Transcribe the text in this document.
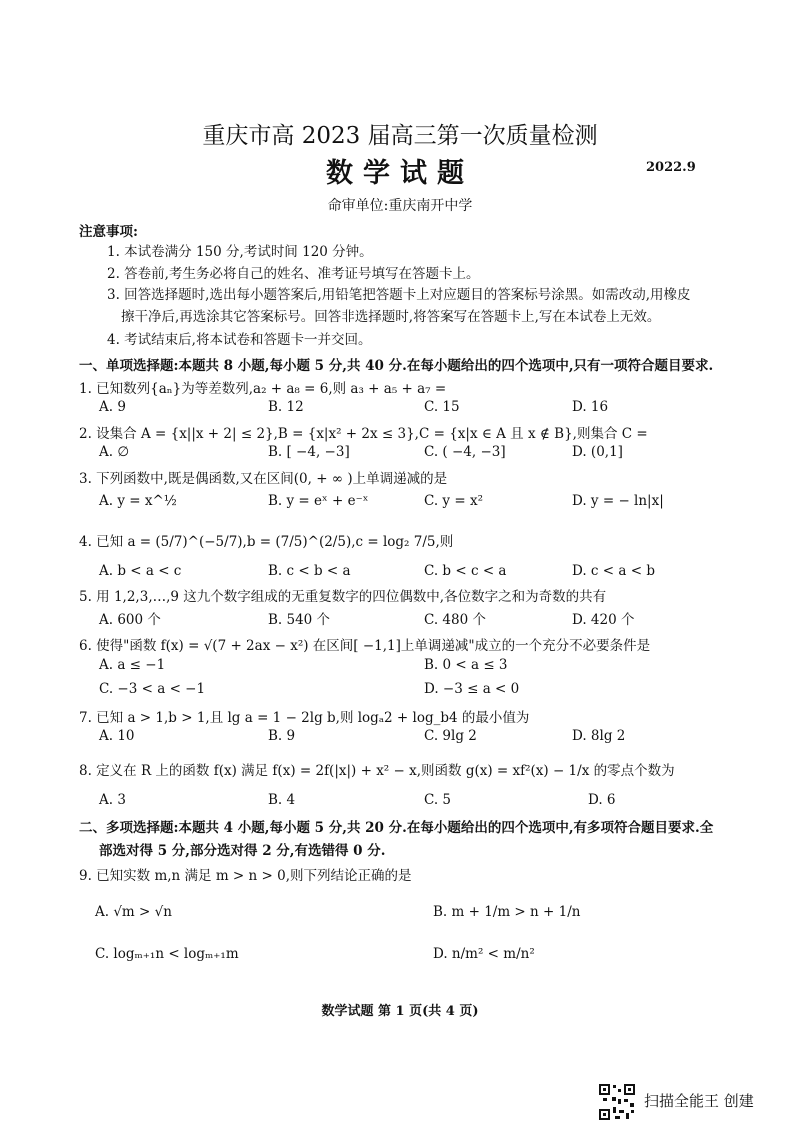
重庆市高 2023 届高三第一次质量检测
数学试题	2022.9
命审单位:重庆南开中学
注意事项:
1. 本试卷满分 150 分,考试时间 120 分钟。
2. 答卷前,考生务必将自己的姓名、准考证号填写在答题卡上。
3. 回答选择题时,选出每小题答案后,用铅笔把答题卡上对应题目的答案标号涂黑。如需改动,用橡皮
擦干净后,再选涂其它答案标号。回答非选择题时,将答案写在答题卡上,写在本试卷上无效。
4. 考试结束后,将本试卷和答题卡一并交回。
一、单项选择题:本题共 8 小题,每小题 5 分,共 40 分.在每小题给出的四个选项中,只有一项符合题目要求.
1. 已知数列{aₙ}为等差数列,a₂ + a₈ = 6,则 a₃ + a₅ + a₇ =
A. 9	B. 12	C. 15	D. 16
2. 设集合 A = {x||x + 2| ≤ 2},B = {x|x² + 2x ≤ 3},C = {x|x ∈ A 且 x ∉ B},则集合 C =
A. ∅	B. [ −4, −3]	C. ( −4, −3]	D. (0,1]
3. 下列函数中,既是偶函数,又在区间(0, + ∞ )上单调递减的是
A. y = x^½	B. y = eˣ + e⁻ˣ	C. y = x²	D. y = − ln|x|
4. 已知 a = (5/7)^(−5/7),b = (7/5)^(2/5),c = log₂ 7/5,则
A. b < a < c	B. c < b < a	C. b < c < a	D. c < a < b
5. 用 1,2,3,…,9 这九个数字组成的无重复数字的四位偶数中,各位数字之和为奇数的共有
A. 600 个	B. 540 个	C. 480 个	D. 420 个
6. 使得"函数 f(x) = √(7 + 2ax − x²) 在区间[ −1,1]上单调递减"成立的一个充分不必要条件是
A. a ≤ −1	B. 0 < a ≤ 3
C. −3 < a < −1	D. −3 ≤ a < 0
7. 已知 a > 1,b > 1,且 lg a = 1 − 2lg b,则 logₐ2 + log_b4 的最小值为
A. 10	B. 9	C. 9lg 2	D. 8lg 2
8. 定义在 R 上的函数 f(x) 满足 f(x) = 2f(|x|) + x² − x,则函数 g(x) = xf²(x) − 1/x 的零点个数为
A. 3	B. 4	C. 5	D. 6
二、多项选择题:本题共 4 小题,每小题 5 分,共 20 分.在每小题给出的四个选项中,有多项符合题目要求.全
部选对得 5 分,部分选对得 2 分,有选错得 0 分.
9. 已知实数 m,n 满足 m > n > 0,则下列结论正确的是
A. √m > √n	B. m + 1/m > n + 1/n
C. logₘ₊₁n < logₘ₊₁m	D. n/m² < m/n²
数学试题 第 1 页(共 4 页)
扫描全能王 创建
